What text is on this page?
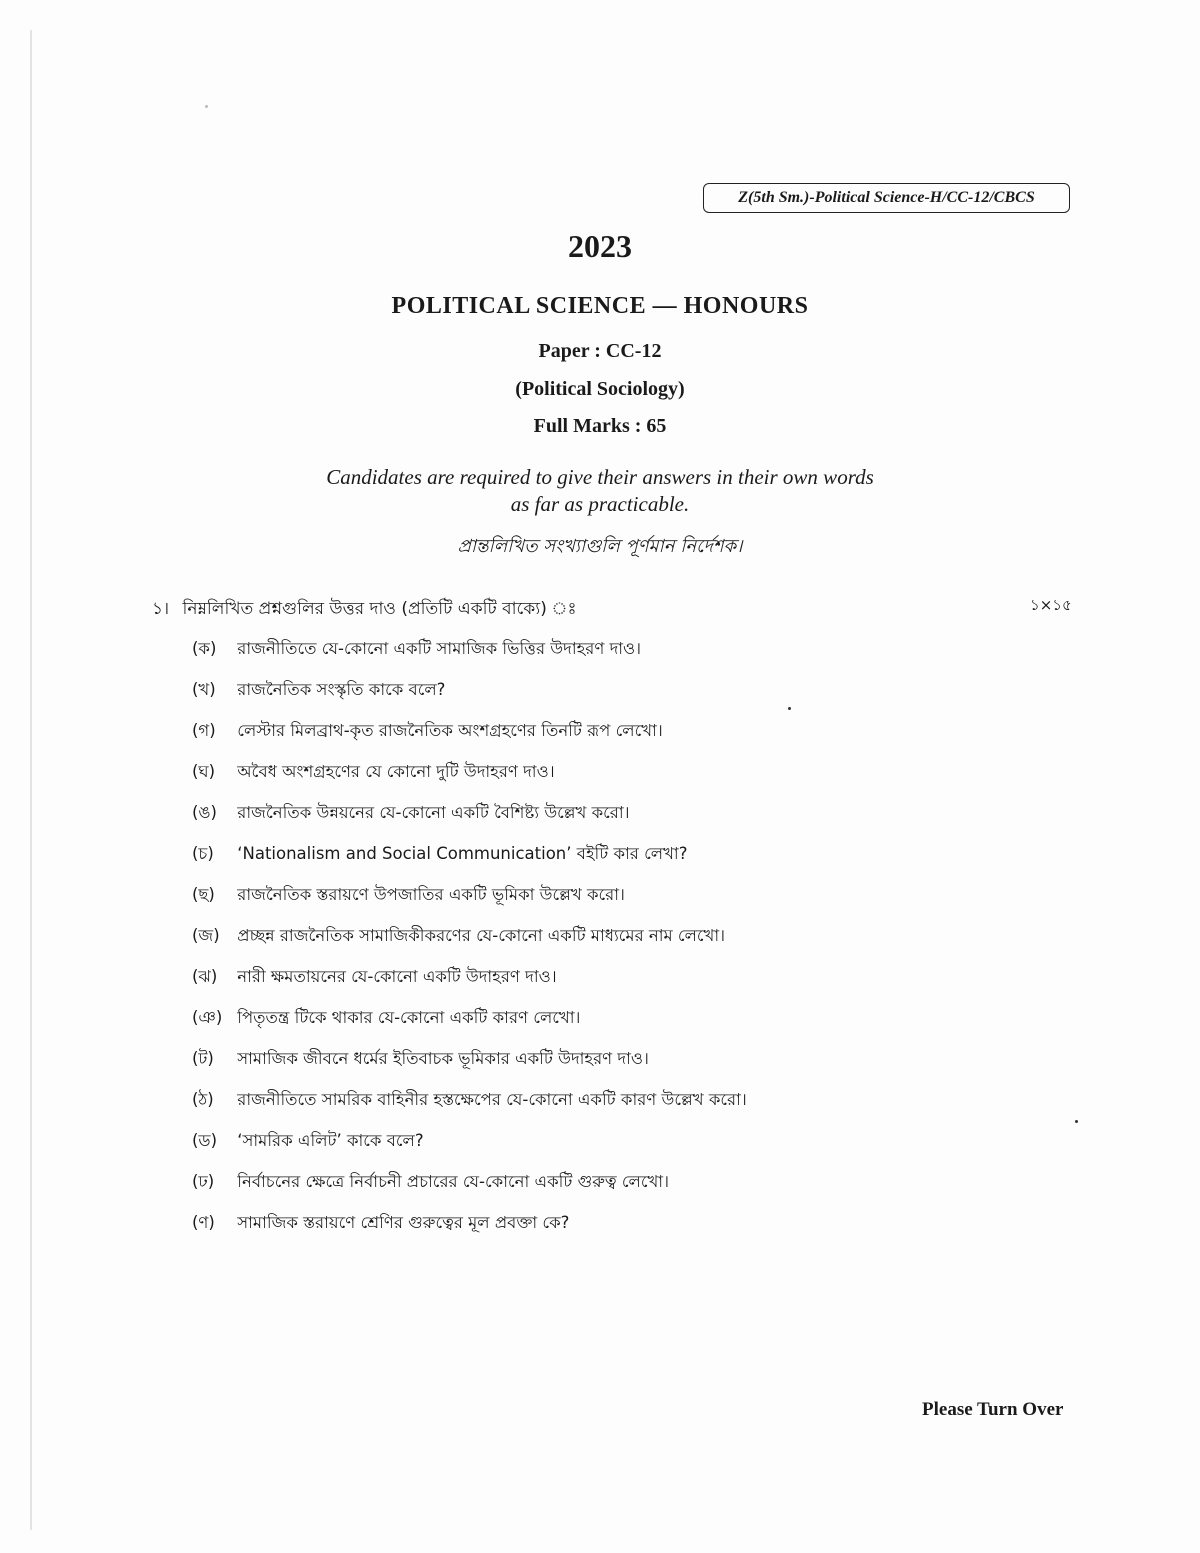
Z(5th Sm.)-Political Science-H/CC-12/CBCS
2023
POLITICAL SCIENCE — HONOURS
Paper : CC-12
(Political Sociology)
Full Marks : 65
Candidates are required to give their answers in their own words
as far as practicable.
প্রান্তলিখিত সংখ্যাগুলি পূর্ণমান নির্দেশক।
১। নিম্নলিখিত প্রশ্নগুলির উত্তর দাও (প্রতিটি একটি বাক্যে) ঃ	১×১৫
(ক) রাজনীতিতে যে-কোনো একটি সামাজিক ভিত্তির উদাহরণ দাও।
(খ) রাজনৈতিক সংস্কৃতি কাকে বলে?
(গ) লেস্টার মিলব্রাথ-কৃত রাজনৈতিক অংশগ্রহণের তিনটি রূপ লেখো।
(ঘ) অবৈধ অংশগ্রহণের যে কোনো দুটি উদাহরণ দাও।
(ঙ) রাজনৈতিক উন্নয়নের যে-কোনো একটি বৈশিষ্ট্য উল্লেখ করো।
(চ) ‘Nationalism and Social Communication’ বইটি কার লেখা?
(ছ) রাজনৈতিক স্তরায়ণে উপজাতির একটি ভূমিকা উল্লেখ করো।
(জ) প্রচ্ছন্ন রাজনৈতিক সামাজিকীকরণের যে-কোনো একটি মাধ্যমের নাম লেখো।
(ঝ) নারী ক্ষমতায়নের যে-কোনো একটি উদাহরণ দাও।
(ঞ) পিতৃতন্ত্র টিকে থাকার যে-কোনো একটি কারণ লেখো।
(ট) সামাজিক জীবনে ধর্মের ইতিবাচক ভূমিকার একটি উদাহরণ দাও।
(ঠ) রাজনীতিতে সামরিক বাহিনীর হস্তক্ষেপের যে-কোনো একটি কারণ উল্লেখ করো।
(ড) ‘সামরিক এলিট’ কাকে বলে?
(ঢ) নির্বাচনের ক্ষেত্রে নির্বাচনী প্রচারের যে-কোনো একটি গুরুত্ব লেখো।
(ণ) সামাজিক স্তরায়ণে শ্রেণির গুরুত্বের মূল প্রবক্তা কে?
Please Turn Over
